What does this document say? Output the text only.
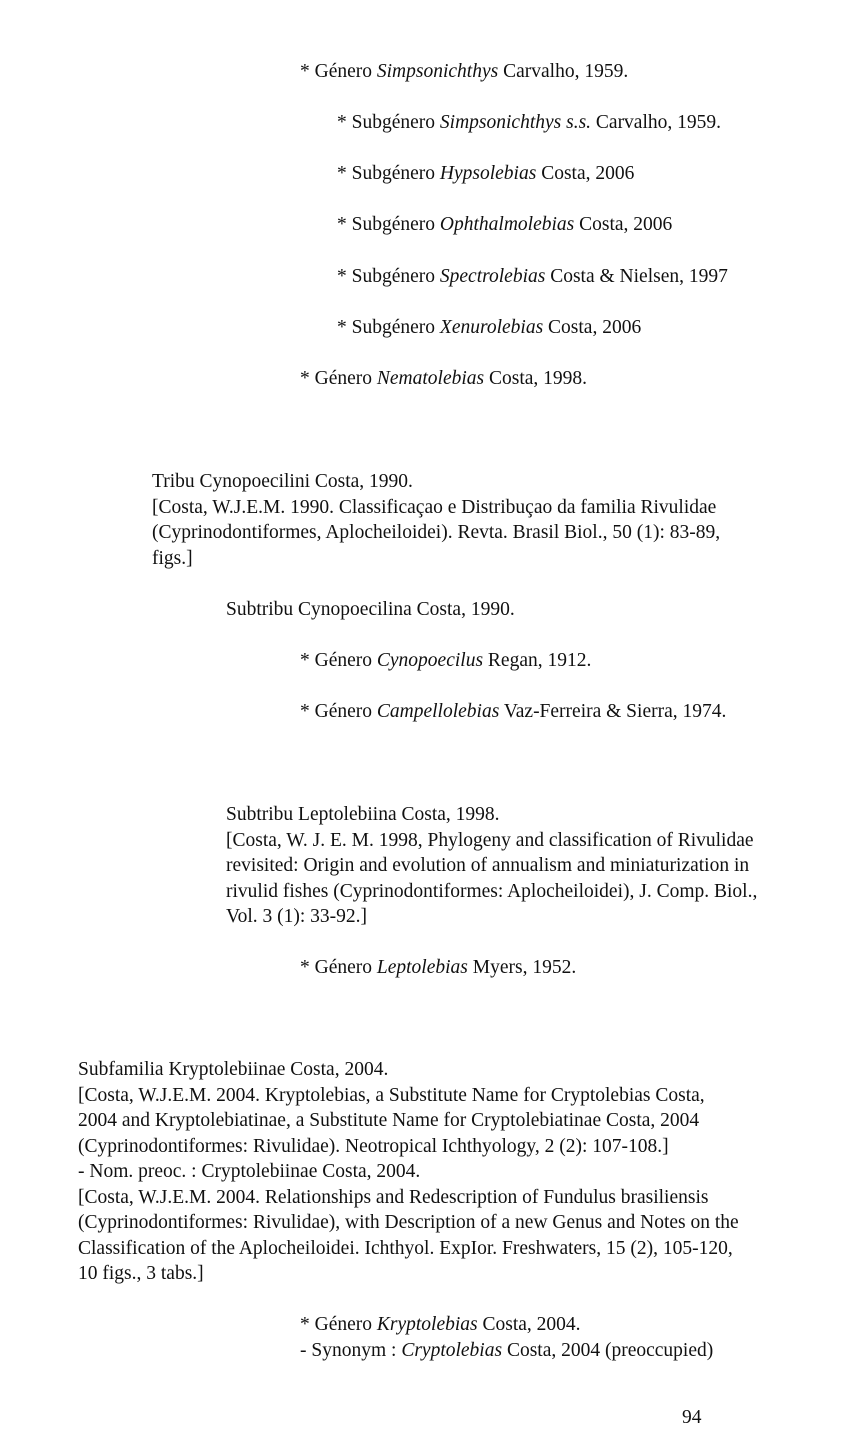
* Género Simpsonichthys Carvalho, 1959.
* Subgénero Simpsonichthys s.s. Carvalho, 1959.
* Subgénero Hypsolebias Costa, 2006
* Subgénero Ophthalmolebias Costa, 2006
* Subgénero Spectrolebias Costa & Nielsen, 1997
* Subgénero Xenurolebias Costa, 2006
* Género Nematolebias Costa, 1998.
Tribu Cynopoecilini Costa, 1990.
[Costa, W.J.E.M. 1990. Classificaçao e Distribuçao da familia Rivulidae
(Cyprinodontiformes, Aplocheiloidei). Revta. Brasil Biol., 50 (1): 83-89,
figs.]
Subtribu Cynopoecilina Costa, 1990.
* Género Cynopoecilus Regan, 1912.
* Género Campellolebias Vaz-Ferreira & Sierra, 1974.
Subtribu Leptolebiina Costa, 1998.
[Costa, W. J. E. M. 1998, Phylogeny and classification of Rivulidae
revisited: Origin and evolution of annualism and miniaturization in
rivulid fishes (Cyprinodontiformes: Aplocheiloidei), J. Comp. Biol.,
Vol. 3 (1): 33-92.]
* Género Leptolebias Myers, 1952.
Subfamilia Kryptolebiinae Costa, 2004.
[Costa, W.J.E.M. 2004. Kryptolebias, a Substitute Name for Cryptolebias Costa,
2004 and Kryptolebiatinae, a Substitute Name for Cryptolebiatinae Costa, 2004
(Cyprinodontiformes: Rivulidae). Neotropical Ichthyology, 2 (2): 107-108.]
- Nom. preoc. : Cryptolebiinae Costa, 2004.
[Costa, W.J.E.M. 2004. Relationships and Redescription of Fundulus brasiliensis
(Cyprinodontiformes: Rivulidae), with Description of a new Genus and Notes on the
Classification of the Aplocheiloidei. Ichthyol. ExpIor. Freshwaters, 15 (2), 105-120,
10 figs., 3 tabs.]
* Género Kryptolebias Costa, 2004.
- Synonym : Cryptolebias Costa, 2004 (preoccupied)
94
